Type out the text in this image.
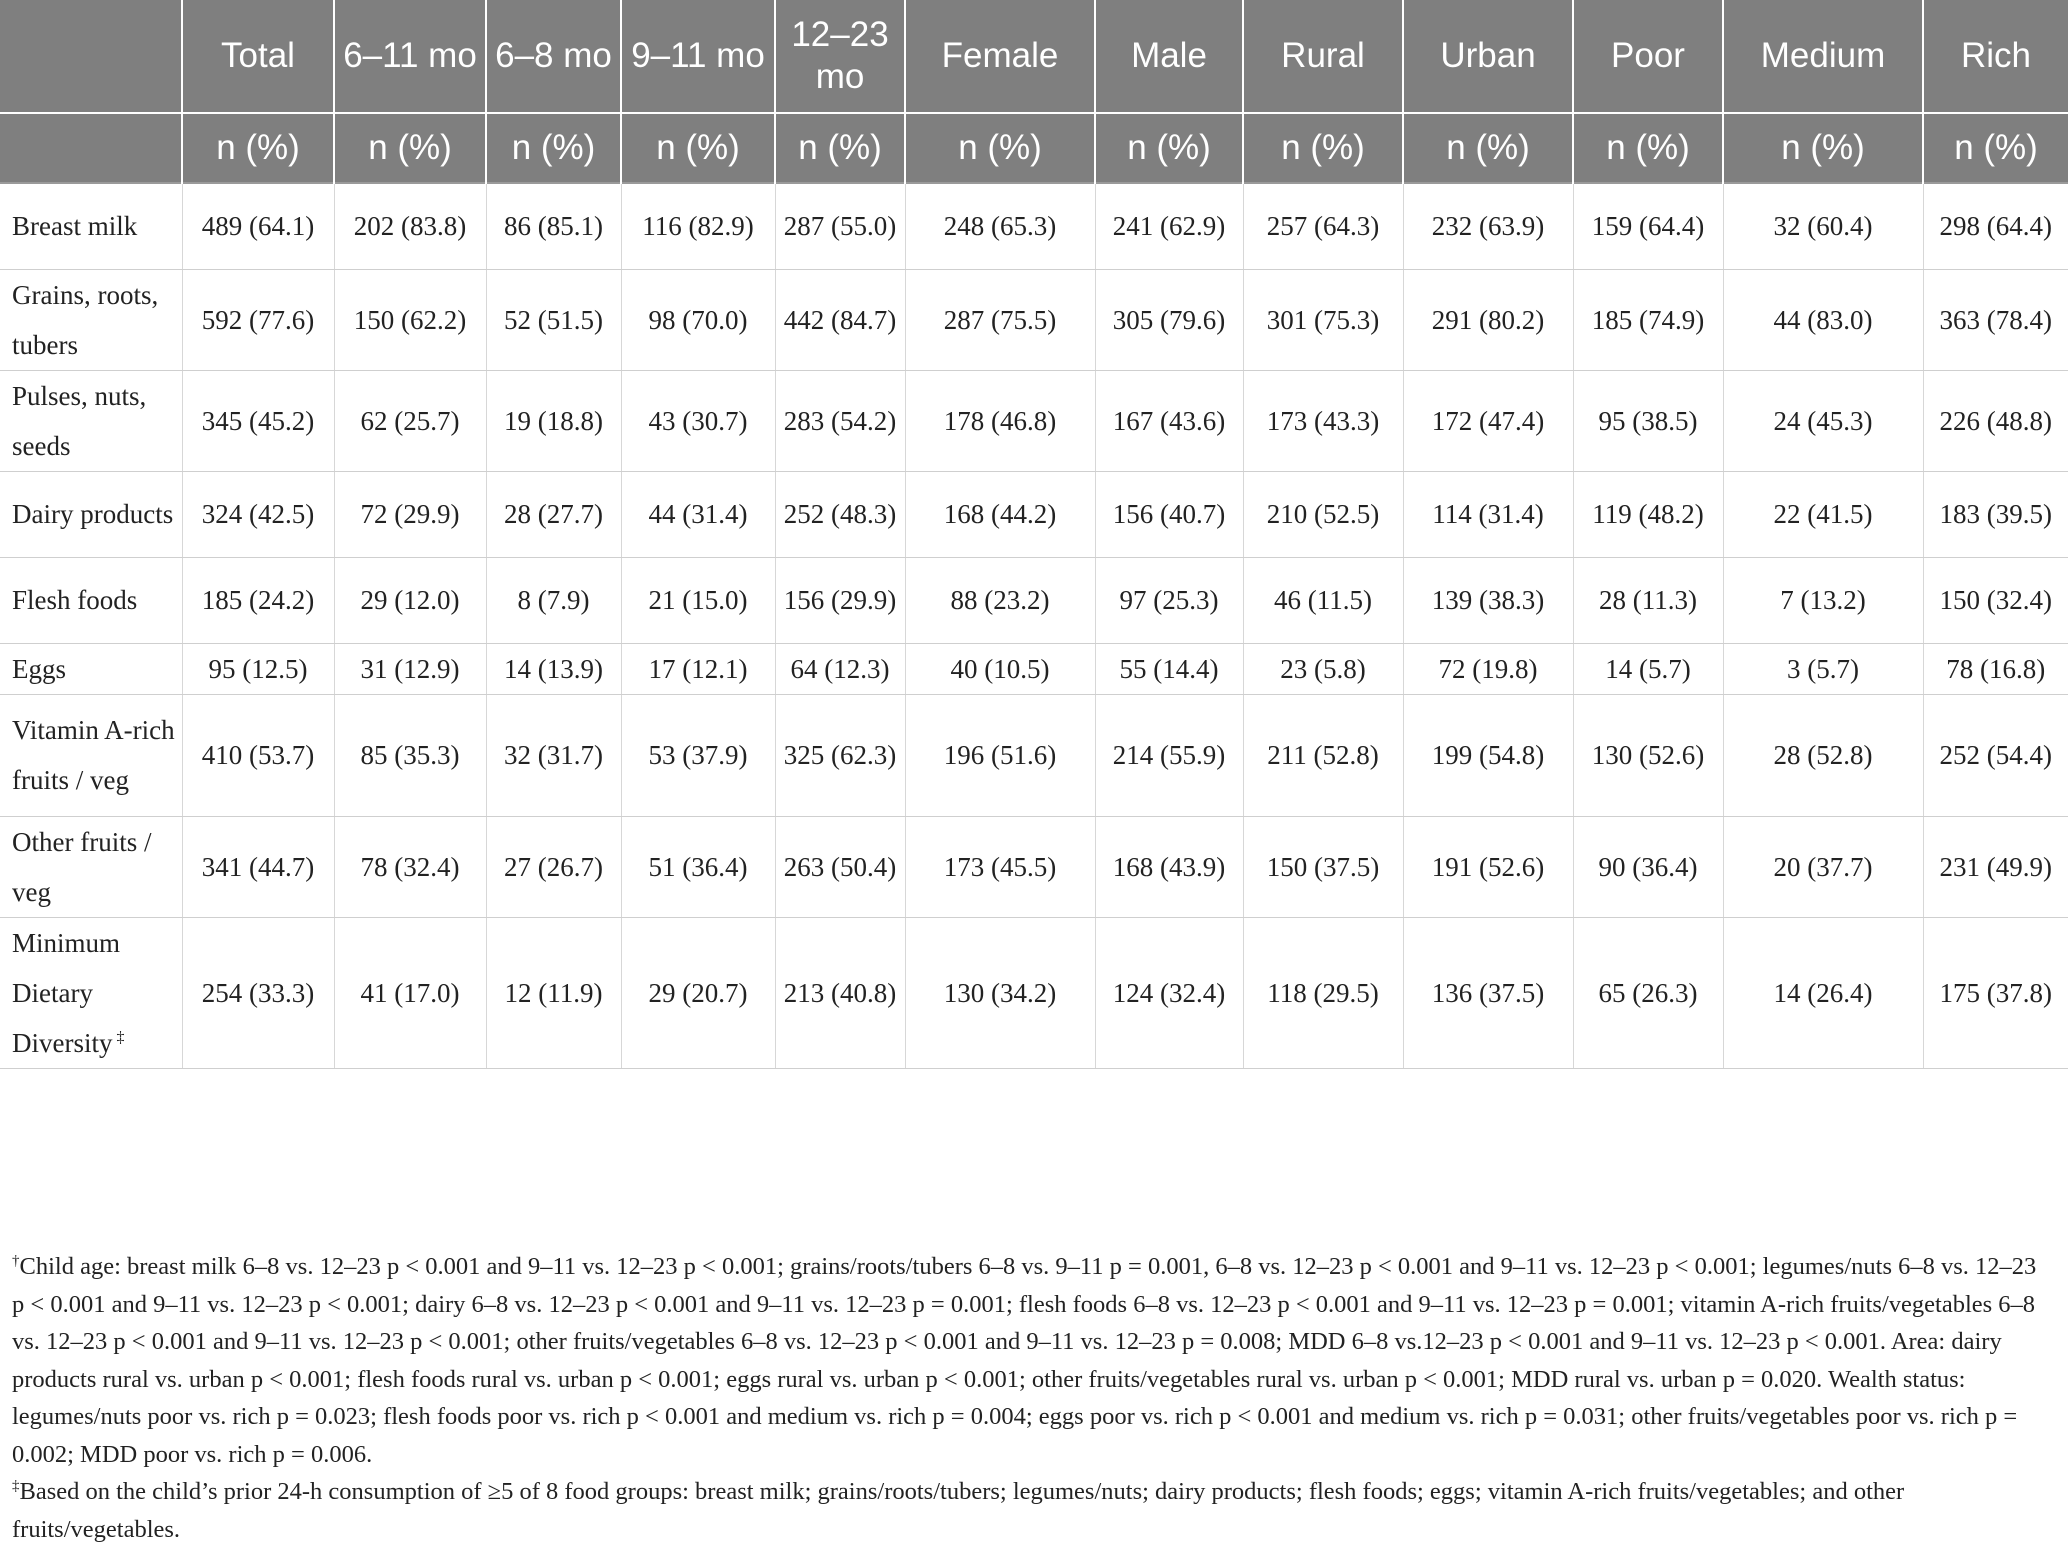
	Total	6–11 mo	6–8 mo	9–11 mo	12–23 mo	Female	Male	Rural	Urban	Poor	Medium	Rich
	n (%)	n (%)	n (%)	n (%)	n (%)	n (%)	n (%)	n (%)	n (%)	n (%)	n (%)	n (%)
Breast milk	489 (64.1)	202 (83.8)	86 (85.1)	116 (82.9)	287 (55.0)	248 (65.3)	241 (62.9)	257 (64.3)	232 (63.9)	159 (64.4)	32 (60.4)	298 (64.4)
Grains, roots, tubers	592 (77.6)	150 (62.2)	52 (51.5)	98 (70.0)	442 (84.7)	287 (75.5)	305 (79.6)	301 (75.3)	291 (80.2)	185 (74.9)	44 (83.0)	363 (78.4)
Pulses, nuts, seeds	345 (45.2)	62 (25.7)	19 (18.8)	43 (30.7)	283 (54.2)	178 (46.8)	167 (43.6)	173 (43.3)	172 (47.4)	95 (38.5)	24 (45.3)	226 (48.8)
Dairy products	324 (42.5)	72 (29.9)	28 (27.7)	44 (31.4)	252 (48.3)	168 (44.2)	156 (40.7)	210 (52.5)	114 (31.4)	119 (48.2)	22 (41.5)	183 (39.5)
Flesh foods	185 (24.2)	29 (12.0)	8 (7.9)	21 (15.0)	156 (29.9)	88 (23.2)	97 (25.3)	46 (11.5)	139 (38.3)	28 (11.3)	7 (13.2)	150 (32.4)
Eggs	95 (12.5)	31 (12.9)	14 (13.9)	17 (12.1)	64 (12.3)	40 (10.5)	55 (14.4)	23 (5.8)	72 (19.8)	14 (5.7)	3 (5.7)	78 (16.8)
Vitamin A-rich fruits / veg	410 (53.7)	85 (35.3)	32 (31.7)	53 (37.9)	325 (62.3)	196 (51.6)	214 (55.9)	211 (52.8)	199 (54.8)	130 (52.6)	28 (52.8)	252 (54.4)
Other fruits / veg	341 (44.7)	78 (32.4)	27 (26.7)	51 (36.4)	263 (50.4)	173 (45.5)	168 (43.9)	150 (37.5)	191 (52.6)	90 (36.4)	20 (37.7)	231 (49.9)
Minimum Dietary Diversity ‡	254 (33.3)	41 (17.0)	12 (11.9)	29 (20.7)	213 (40.8)	130 (34.2)	124 (32.4)	118 (29.5)	136 (37.5)	65 (26.3)	14 (26.4)	175 (37.8)

†Child age: breast milk 6–8 vs. 12–23 p < 0.001 and 9–11 vs. 12–23 p < 0.001; grains/roots/tubers 6–8 vs. 9–11 p = 0.001, 6–8 vs. 12–23 p < 0.001 and 9–11 vs. 12–23 p < 0.001; legumes/nuts 6–8 vs. 12–23 p < 0.001 and 9–11 vs. 12–23 p < 0.001; dairy 6–8 vs. 12–23 p < 0.001 and 9–11 vs. 12–23 p = 0.001; flesh foods 6–8 vs. 12–23 p < 0.001 and 9–11 vs. 12–23 p = 0.001; vitamin A-rich fruits/vegetables 6–8 vs. 12–23 p < 0.001 and 9–11 vs. 12–23 p < 0.001; other fruits/vegetables 6–8 vs. 12–23 p < 0.001 and 9–11 vs. 12–23 p = 0.008; MDD 6–8 vs.12–23 p < 0.001 and 9–11 vs. 12–23 p < 0.001. Area: dairy products rural vs. urban p < 0.001; flesh foods rural vs. urban p < 0.001; eggs rural vs. urban p < 0.001; other fruits/vegetables rural vs. urban p < 0.001; MDD rural vs. urban p = 0.020. Wealth status: legumes/nuts poor vs. rich p = 0.023; flesh foods poor vs. rich p < 0.001 and medium vs. rich p = 0.004; eggs poor vs. rich p < 0.001 and medium vs. rich p = 0.031; other fruits/vegetables poor vs. rich p = 0.002; MDD poor vs. rich p = 0.006.

‡Based on the child’s prior 24-h consumption of ≥5 of 8 food groups: breast milk; grains/roots/tubers; legumes/nuts; dairy products; flesh foods; eggs; vitamin A-rich fruits/vegetables; and other fruits/vegetables.
